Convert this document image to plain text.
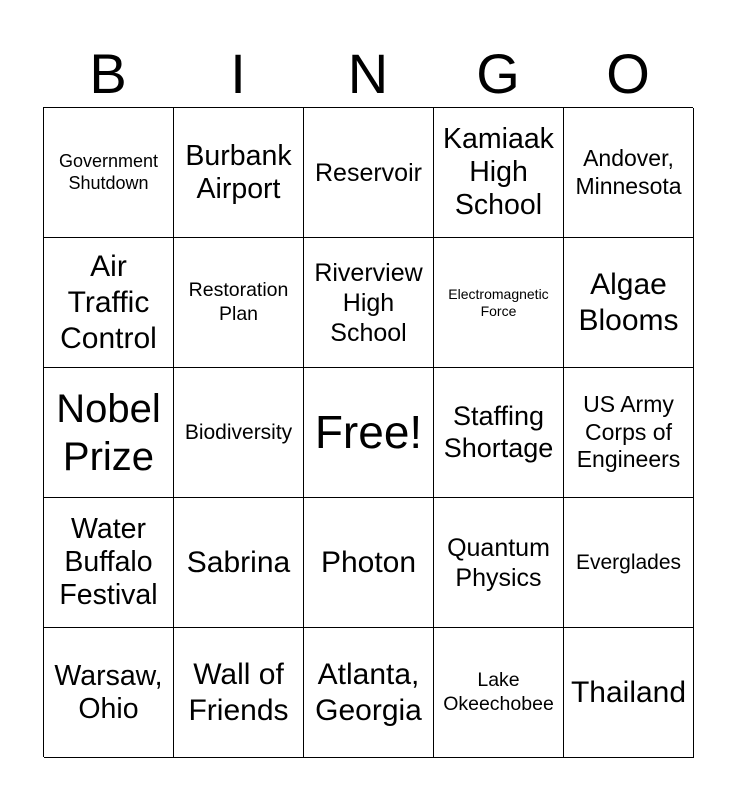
B	I	N	G	O
Government Shutdown
Burbank Airport	Reservoir
Kamiaak High School
Andover, Minnesota
Air Traffic Control
Restoration Plan
Riverview High School
Electromagnetic Force
Algae Blooms
Nobel Prize
Biodiversity Free!	Staffing Shortage
US Army Corps of Engineers
Water Buffalo Festival
Sabrina	Photon	Quantum Physics
Everglades
Warsaw, Ohio
Wall of Friends
Atlanta, Georgia
Lake Okeechobee Thailand
